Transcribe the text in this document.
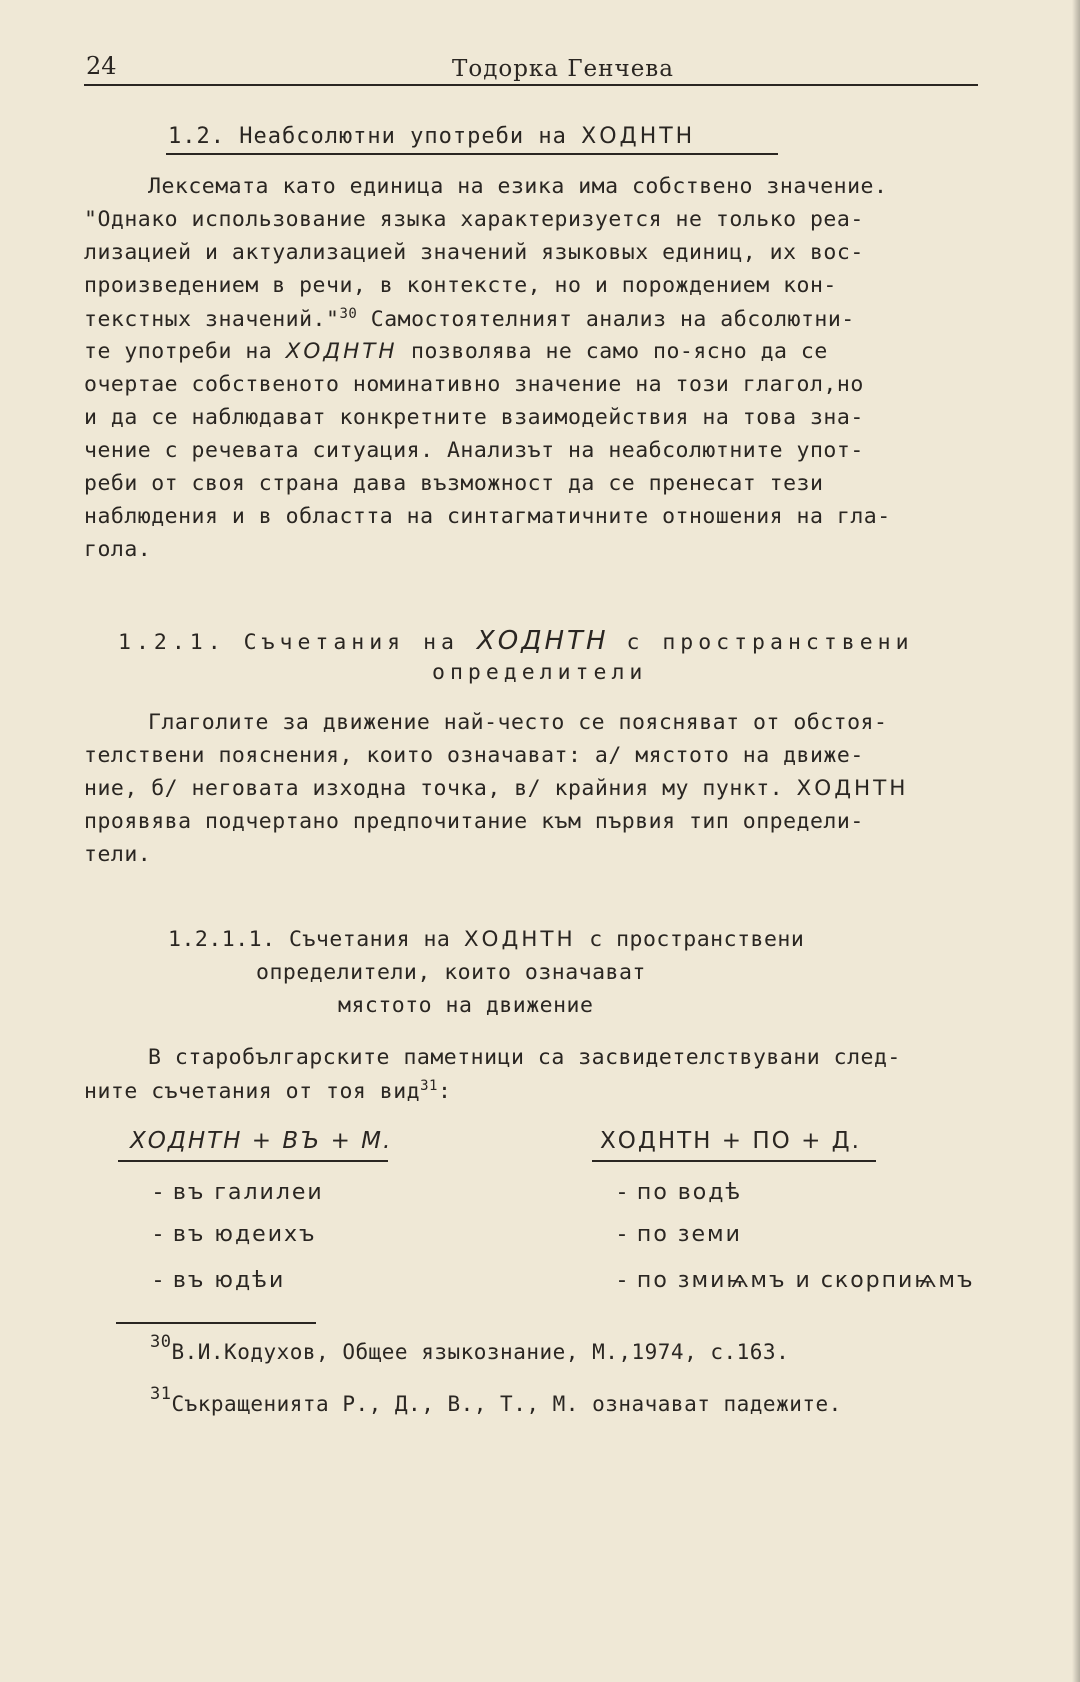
24	Тодорка Генчева
1.2. Неабсолютни употреби на ХОДНТН
Лексемата като единица на езика има собствено значение.
"Однако использование языка характеризуется не только реа-
лизацией и актуализацией значений языковых единиц, их вос-
произведением в речи, в контексте, но и порождением кон-
текстных значений."$^{30}$ Самостоятелният анализ на абсолютни-
те употреби на ХОДНТН позволява не само по-ясно да се
очертае собственото номинативно значение на този глагол,но
и да се наблюдават конкретните взаимодействия на това зна-
чение с речевата ситуация. Анализът на неабсолютните упот-
реби от своя страна дава възможност да се пренесат тези
наблюдения и в областта на синтагматичните отношения на гла-
гола.
1.2.1. Съчетания на ХОДНТН с пространствени
определители
Глаголите за движение най-често се поясняват от обстоя-
телствени пояснения, които означават: а/ мястото на движе-
ние, б/ неговата изходна точка, в/ крайния му пункт. ХОДНТН
проявява подчертано предпочитание към първия тип определи-
тели.
1.2.1.1. Съчетания на ХОДНТН с пространствени
определители, които означават
мястото на движение
В старобългарските паметници са засвидетелствувани след-
ните съчетания от тоя вид$^{31}$:
ХОДНТН + ВЪ + М.	ХОДНТН + ПО + Д.
- въ галилеи
- въ юдеихъ
- въ юдѣи
- по водѣ
- по земи
- по змиѩмъ и скорпиѩмъ
$^{30}$В.И.Кодухов, Общее языкознание, М.,1974, с.163.
$^{31}$Съкращенията Р., Д., В., Т., М. означават падежите.
